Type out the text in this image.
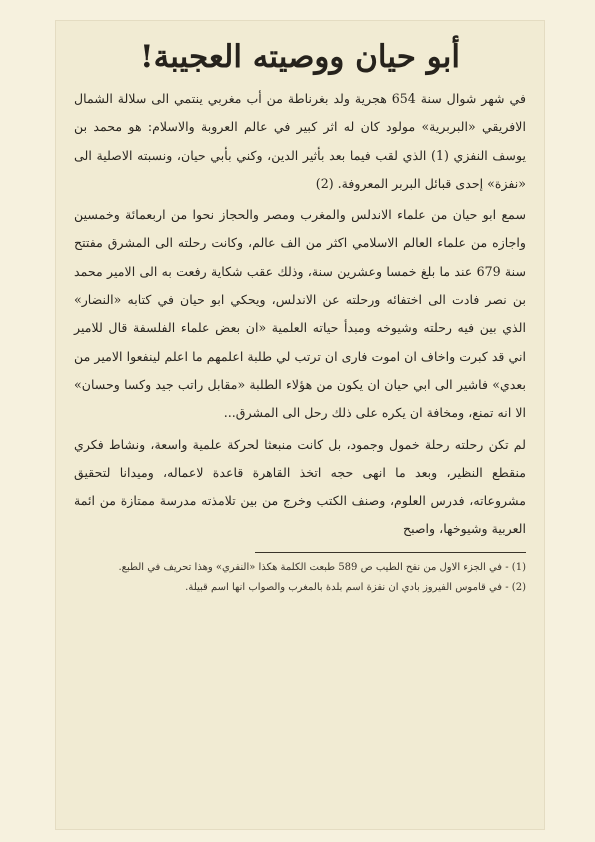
أبو حيان ووصيته العجيبة!

في شهر شوال سنة 654 هجرية ولد بغرناطة من أب مغربي ينتمي الى سلالة الشمال الافريقي «البربرية» مولود كان له اثر كبير في عالم العروبة والاسلام: هو محمد بن يوسف النفزي (1) الذي لقب فيما بعد بأثير الدين، وكني بأبي حيان، ونسبته الاصلية الى «نفزة» إحدى قبائل البربر المعروفة. (2)

سمع ابو حيان من علماء الاندلس والمغرب ومصر والحجاز نحوا من اربعمائة وخمسين واجازه من علماء العالم الاسلامي اكثر من الف عالم، وكانت رحلته الى المشرق مفتتح سنة 679 عند ما بلغ خمسا وعشرين سنة، وذلك عقب شكاية رفعت به الى الامير محمد بن نصر فادت الى اختفائه ورحلته عن الاندلس، ويحكي ابو حيان في كتابه «النضار» الذي بين فيه رحلته وشيوخه ومبدأ حياته العلمية «ان بعض علماء الفلسفة قال للامير اني قد كبرت واخاف ان اموت فارى ان ترتب لي طلبة اعلمهم ما اعلم لينفعوا الامير من بعدي» فاشير الى ابي حيان ان يكون من هؤلاء الطلبة «مقابل راتب جيد وكسا وحسان» الا انه تمنع، ومخافة ان يكره على ذلك رحل الى المشرق...

لم تكن رحلته رحلة خمول وجمود، بل كانت منبعثا لحركة علمية واسعة، ونشاط فكري منقطع النظير، وبعد ما انهى حجه اتخذ القاهرة قاعدة لاعماله، وميدانا لتحقيق مشروعاته، فدرس العلوم، وصنف الكتب وخرج من بين تلامذته مدرسة ممتازة من ائمة العربية وشيوخها، واصبح

(1) - في الجزء الاول من نفح الطيب ص 589 طبعت الكلمة هكذا «النفري» وهذا تحريف في الطبع.

(2) - في قاموس الفيروز بادي ان نفزة اسم بلدة بالمغرب والصواب انها اسم قبيلة.
